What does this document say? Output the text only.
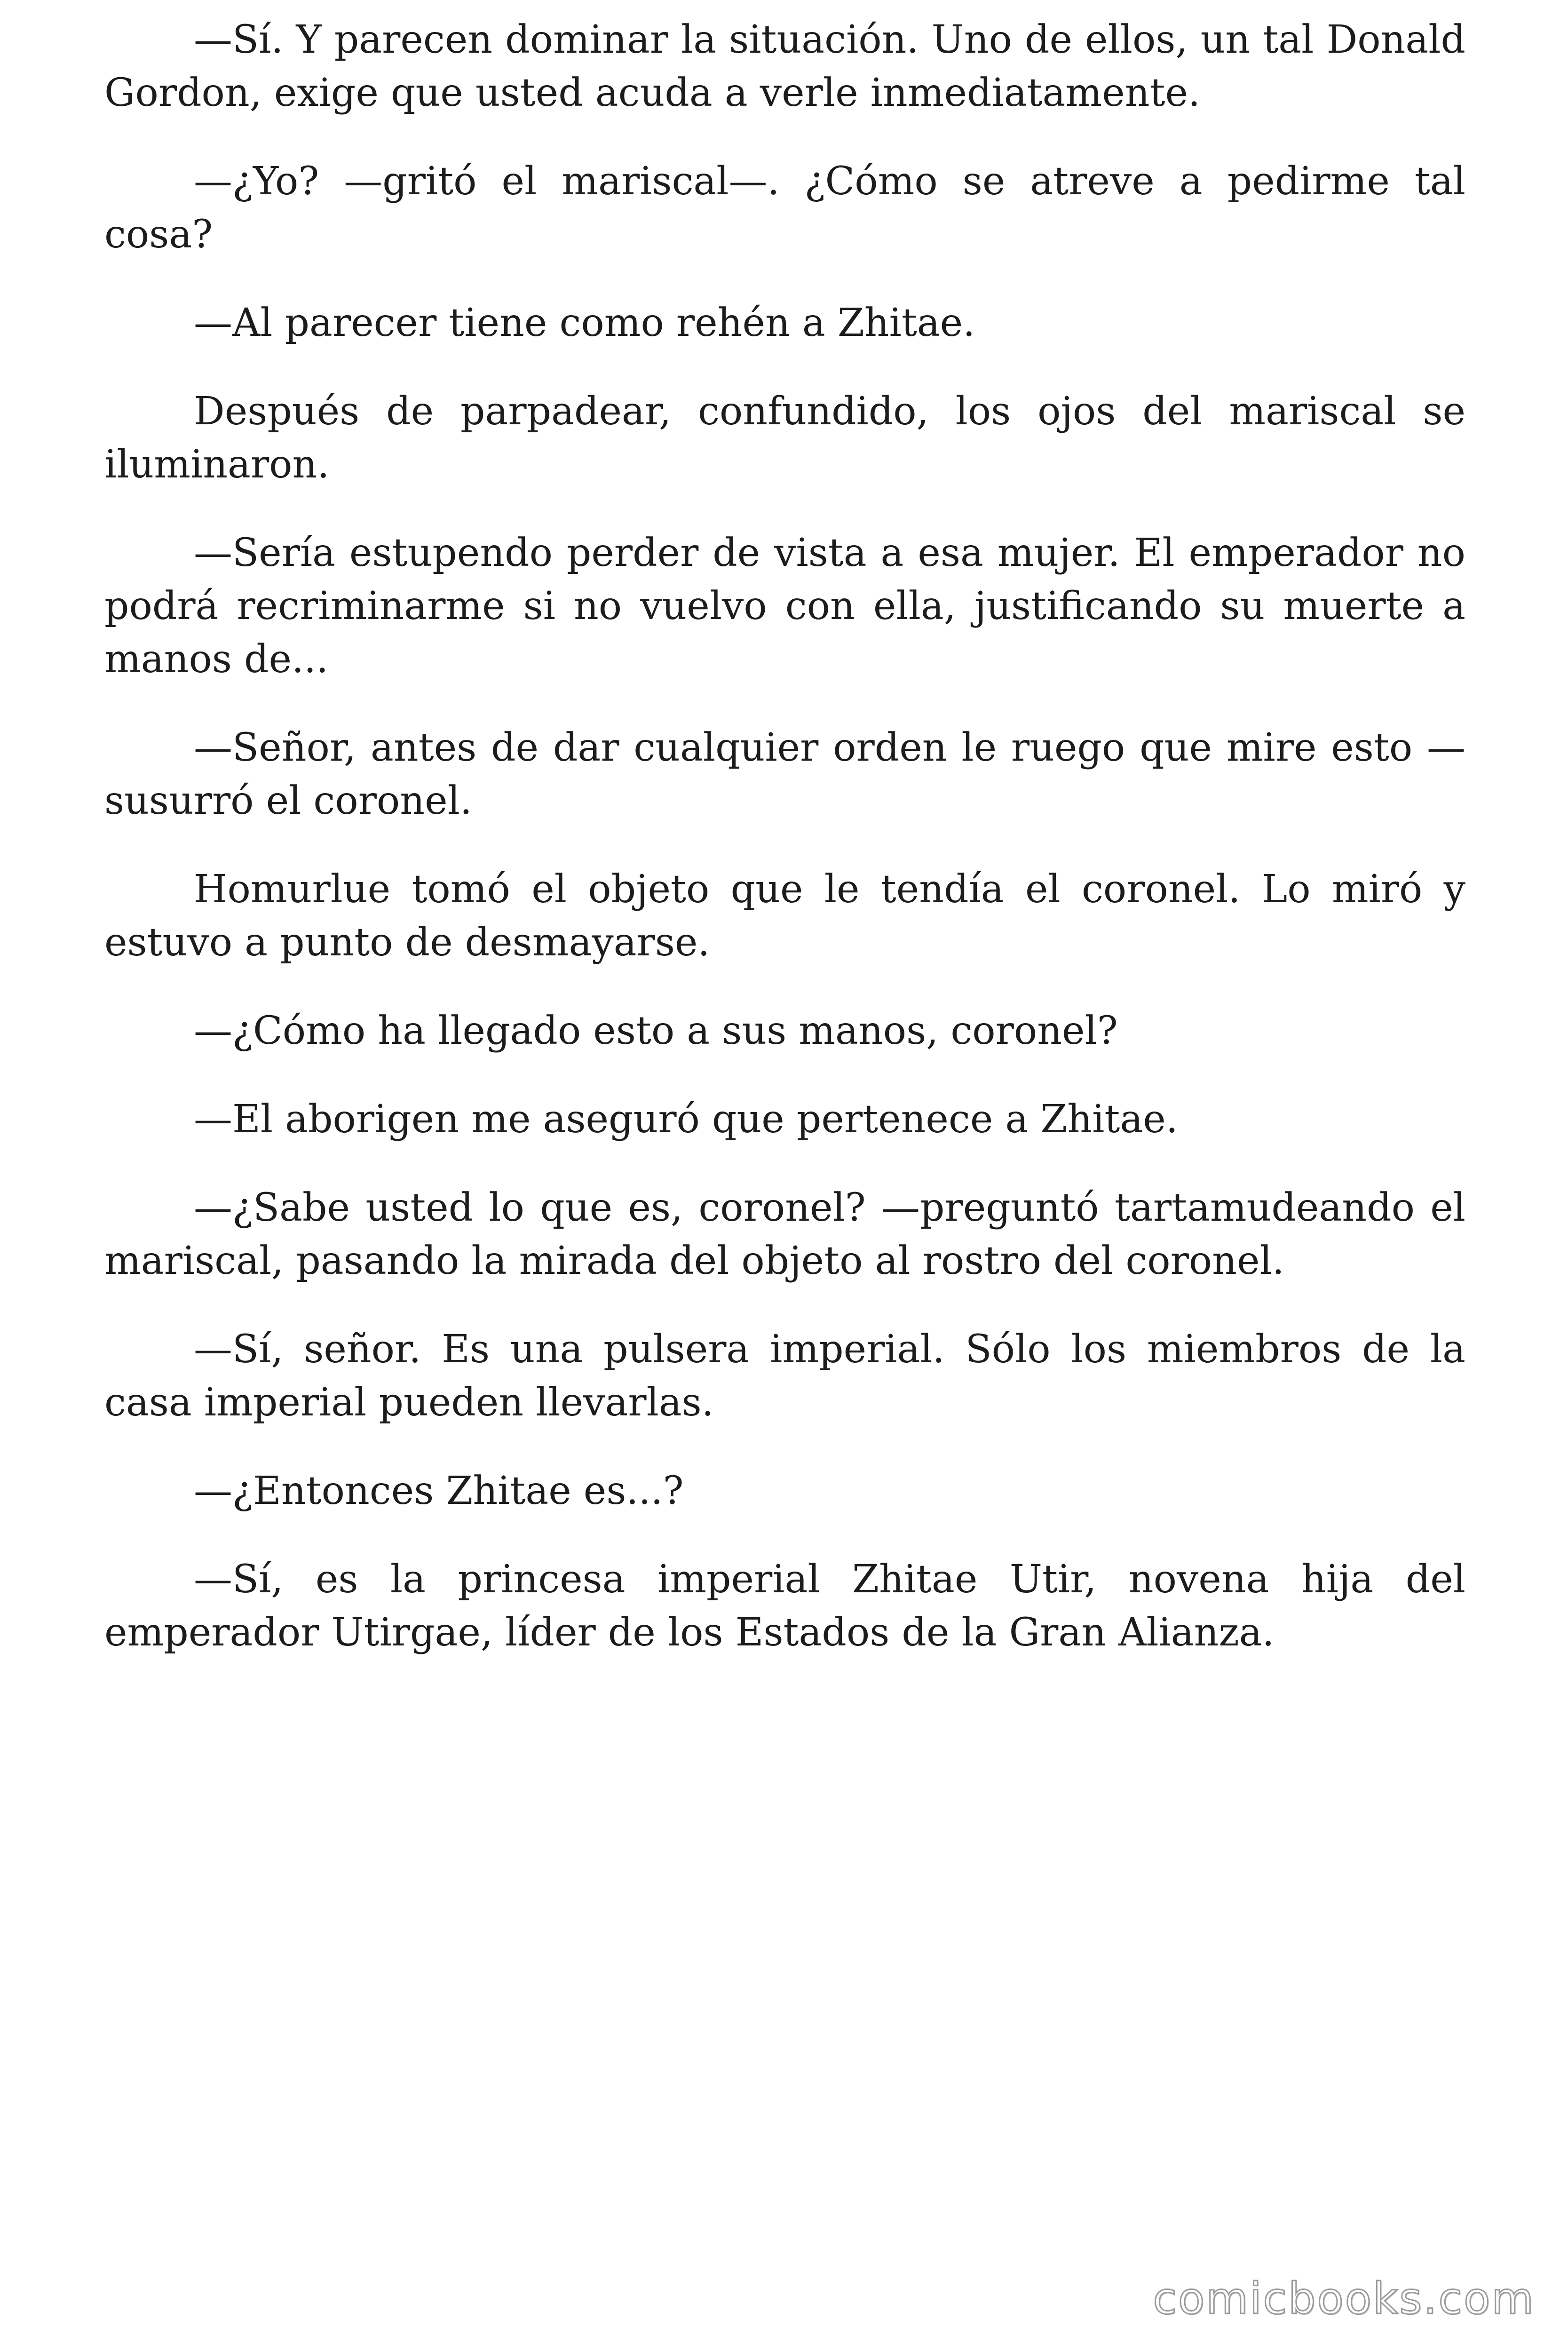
—Sí. Y parecen dominar la situación. Uno de ellos, un tal Donald Gordon, exige que usted acuda a verle inmediatamente.

—¿Yo? —gritó el mariscal—. ¿Cómo se atreve a pedirme tal cosa?

—Al parecer tiene como rehén a Zhitae.

Después de parpadear, confundido, los ojos del mariscal se iluminaron.

—Sería estupendo perder de vista a esa mujer. El emperador no podrá recriminarme si no vuelvo con ella, justificando su muerte a manos de...

—Señor, antes de dar cualquier orden le ruego que mire esto —susurró el coronel.

Homurlue tomó el objeto que le tendía el coronel. Lo miró y estuvo a punto de desmayarse.

—¿Cómo ha llegado esto a sus manos, coronel?

—El aborigen me aseguró que pertenece a Zhitae.

—¿Sabe usted lo que es, coronel? —preguntó tartamudeando el mariscal, pasando la mirada del objeto al rostro del coronel.

—Sí, señor. Es una pulsera imperial. Sólo los miembros de la casa imperial pueden llevarlas.

—¿Entonces Zhitae es...?

—Sí, es la princesa imperial Zhitae Utir, novena hija del emperador Utirgae, líder de los Estados de la Gran Alianza.

comicbooks.com
